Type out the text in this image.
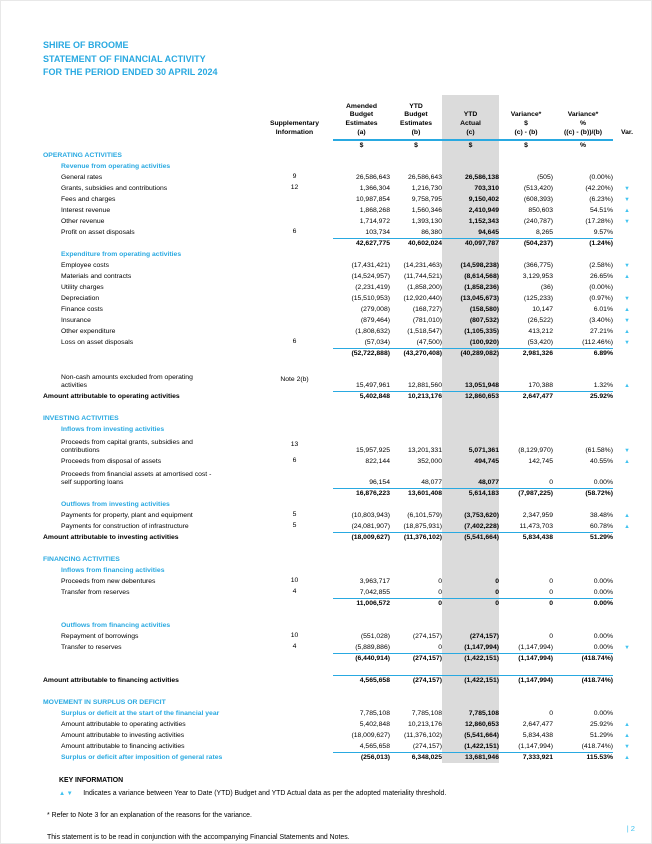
SHIRE OF BROOME
STATEMENT OF FINANCIAL ACTIVITY
FOR THE PERIOD ENDED 30 APRIL 2024
Supplementary
Information
Amended
Budget
Estimates
(a)
YTD
Budget
Estimates
(b)
YTD
Actual
(c)
Variance*
$
(c) - (b)
Variance*
%
((c) - (b))/(b)	Var.
$	$	$	$	%
OPERATING ACTIVITIES
Revenue from operating activities
General rates	9	26,586,643	26,586,643	26,586,138	(505)	(0.00%)
Grants, subsidies and contributions	12	1,366,304	1,216,730	703,310	(513,420)	(42.20%) ▼
Fees and charges	10,987,854	9,758,795	9,150,402	(608,393)	(6.23%) ▼
Interest revenue	1,868,268	1,560,346	2,410,949	850,603	54.51% ▲
Other revenue	1,714,972	1,393,130	1,152,343	(240,787)	(17.28%) ▼
Profit on asset disposals	6	103,734	86,380	94,645	8,265	9.57%
42,627,775	40,602,024	40,097,787	(504,237)	(1.24%)
Expenditure from operating activities
Employee costs	(17,431,421)	(14,231,463)	(14,598,238)	(366,775)	(2.58%) ▼
Materials and contracts	(14,524,957)	(11,744,521)	(8,614,568)	3,129,953	26.65% ▲
Utility charges	(2,231,419)	(1,858,200)	(1,858,236)	(36)	(0.00%)
Depreciation	(15,510,953)	(12,920,440)	(13,045,673)	(125,233)	(0.97%) ▼
Finance costs	(279,008)	(168,727)	(158,580)	10,147	6.01% ▲
Insurance	(879,464)	(781,010)	(807,532)	(26,522)	(3.40%) ▼
Other expenditure	(1,808,632)	(1,518,547)	(1,105,335)	413,212	27.21% ▲
Loss on asset disposals	6	(57,034)	(47,500)	(100,920)	(53,420)	(112.46%) ▼
(52,722,888)	(43,270,408)	(40,289,082)	2,981,326	6.89%
Non-cash amounts excluded from operating
activities
Note 2(b)
15,497,961	12,881,560	13,051,948	170,388	1.32% ▲
Amount attributable to operating activities	5,402,848	10,213,176	12,860,653	2,647,477	25.92%
INVESTING ACTIVITIES
Inflows from investing activities
Proceeds from capital grants, subsidies and
contributions
13
15,957,925	13,201,331	5,071,361	(8,129,970)	(61.58%) ▼
Proceeds from disposal of assets	6	822,144	352,000	494,745	142,745	40.55% ▲
Proceeds from financial assets at amortised cost -
self supporting loans	96,154	48,077	48,077	0	0.00%
16,876,223	13,601,408	5,614,183	(7,987,225)	(58.72%)
Outflows from investing activities
Payments for property, plant and equipment	5	(10,803,943)	(6,101,579)	(3,753,620)	2,347,959	38.48% ▲
Payments for construction of infrastructure	5	(24,081,907)	(18,875,931)	(7,402,228)	11,473,703	60.78% ▲
Amount attributable to investing activities	(18,009,627)	(11,376,102)	(5,541,664)	5,834,438	51.29%
FINANCING ACTIVITIES
Inflows from financing activities
Proceeds from new debentures	10	3,963,717	0	0	0	0.00%
Transfer from reserves	4	7,042,855	0	0	0	0.00%
11,006,572	0	0	0	0.00%
Outflows from financing activities
Repayment of borrowings	10	(551,028)	(274,157)	(274,157)	0	0.00%
Transfer to reserves	4	(5,889,886)	0	(1,147,994)	(1,147,994)	0.00% ▼
(6,440,914)	(274,157)	(1,422,151)	(1,147,994)	(418.74%)
Amount attributable to financing activities	4,565,658	(274,157)	(1,422,151)	(1,147,994)	(418.74%)
MOVEMENT IN SURPLUS OR DEFICIT
Surplus or deficit at the start of the financial year	7,785,108	7,785,108	7,785,108	0	0.00%
Amount attributable to operating activities	5,402,848	10,213,176	12,860,653	2,647,477	25.92% ▲
Amount attributable to investing activities	(18,009,627)	(11,376,102)	(5,541,664)	5,834,438	51.29% ▲
Amount attributable to financing activities	4,565,658	(274,157)	(1,422,151)	(1,147,994)	(418.74%) ▼
Surplus or deficit after imposition of general rates	(256,013)	6,348,025	13,681,946	7,333,921	115.53% ▲
KEY INFORMATION
▲▼ Indicates a variance between Year to Date (YTD) Budget and YTD Actual data as per the adopted materiality threshold.
* Refer to Note 3 for an explanation of the reasons for the variance.
This statement is to be read in conjunction with the accompanying Financial Statements and Notes.
| 2
